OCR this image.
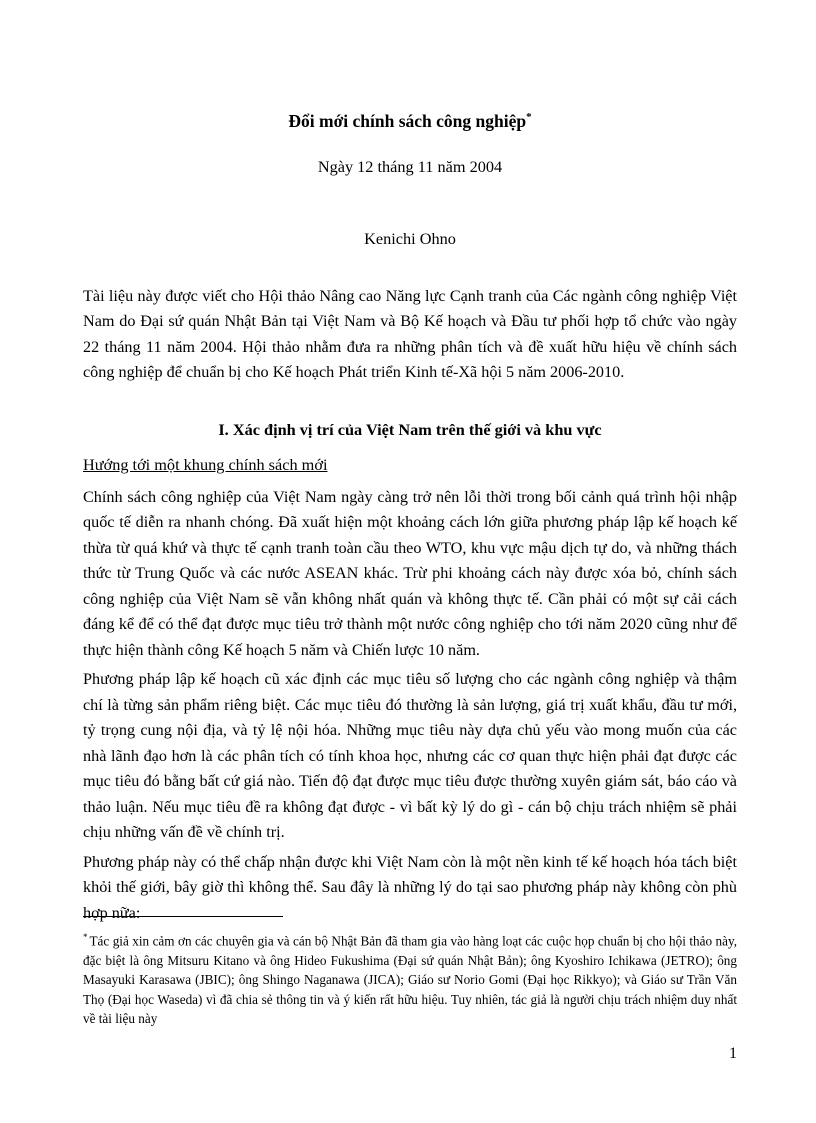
Đổi mới chính sách công nghiệp*
Ngày 12 tháng 11 năm 2004
Kenichi Ohno
Tài liệu này được viết cho Hội thảo Nâng cao Năng lực Cạnh tranh của Các ngành công nghiệp Việt Nam do Đại sứ quán Nhật Bản tại Việt Nam và Bộ Kế hoạch và Đầu tư phối hợp tổ chức vào ngày 22 tháng 11 năm 2004. Hội thảo nhằm đưa ra những phân tích và đề xuất hữu hiệu về chính sách công nghiệp để chuẩn bị cho Kế hoạch Phát triển Kinh tế-Xã hội 5 năm 2006-2010.
I. Xác định vị trí của Việt Nam trên thế giới và khu vực
Hướng tới một khung chính sách mới
Chính sách công nghiệp của Việt Nam ngày càng trở nên lỗi thời trong bối cảnh quá trình hội nhập quốc tế diễn ra nhanh chóng. Đã xuất hiện một khoảng cách lớn giữa phương pháp lập kế hoạch kế thừa từ quá khứ và thực tế cạnh tranh toàn cầu theo WTO, khu vực mậu dịch tự do, và những thách thức từ Trung Quốc và các nước ASEAN khác. Trừ phi khoảng cách này được xóa bỏ, chính sách công nghiệp của Việt Nam sẽ vẫn không nhất quán và không thực tế. Cần phải có một sự cải cách đáng kể để có thể đạt được mục tiêu trở thành một nước công nghiệp cho tới năm 2020 cũng như để thực hiện thành công Kế hoạch 5 năm và Chiến lược 10 năm.
Phương pháp lập kế hoạch cũ xác định các mục tiêu số lượng cho các ngành công nghiệp và thậm chí là từng sản phẩm riêng biệt. Các mục tiêu đó thường là sản lượng, giá trị xuất khẩu, đầu tư mới, tỷ trọng cung nội địa, và tỷ lệ nội hóa. Những mục tiêu này dựa chủ yếu vào mong muốn của các nhà lãnh đạo hơn là các phân tích có tính khoa học, nhưng các cơ quan thực hiện phải đạt được các mục tiêu đó bằng bất cứ giá nào. Tiến độ đạt được mục tiêu được thường xuyên giám sát, báo cáo và thảo luận. Nếu mục tiêu đề ra không đạt được - vì bất kỳ lý do gì - cán bộ chịu trách nhiệm sẽ phải chịu những vấn đề về chính trị.
Phương pháp này có thể chấp nhận được khi Việt Nam còn là một nền kinh tế kế hoạch hóa tách biệt khỏi thế giới, bây giờ thì không thể. Sau đây là những lý do tại sao phương pháp này không còn phù hợp nữa:
* Tác giả xin cảm ơn các chuyên gia và cán bộ Nhật Bản đã tham gia vào hàng loạt các cuộc họp chuẩn bị cho hội thảo này, đặc biệt là ông Mitsuru Kitano và ông Hideo Fukushima (Đại sứ quán Nhật Bản); ông Kyoshiro Ichikawa (JETRO); ông Masayuki Karasawa (JBIC); ông Shingo Naganawa (JICA); Giáo sư Norio Gomi (Đại học Rikkyo); và Giáo sư Trần Văn Thọ (Đại học Waseda) vì đã chia sẻ thông tin và ý kiến rất hữu hiệu. Tuy nhiên, tác giả là người chịu trách nhiệm duy nhất về tài liệu này
1
